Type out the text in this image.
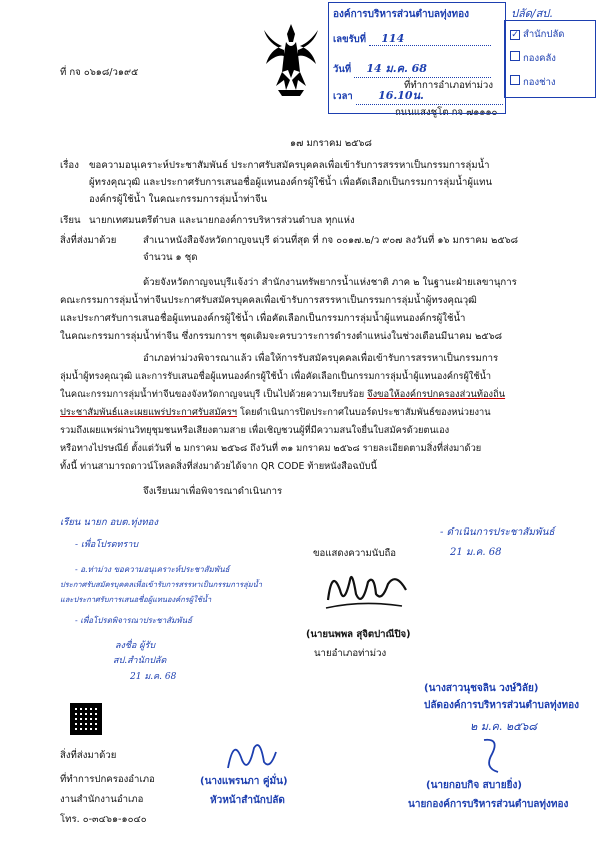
ที่ กจ ๐๖๑๘/ว๑๙๕
ที่ทำการอำเภอท่าม่วง
ถนนแสงชูโต กจ ๗๑๑๑๐
๑๗ มกราคม ๒๕๖๘
องค์การบริหารส่วนตำบลทุ่งทอง
เลขรับที่ 114
วันที่ 14 ม.ค. 68
เวลา 16.10น.
ปลัด/สป.
✓ สำนักปลัด
กองคลัง
กองช่าง
เรื่อง ขอความอนุเคราะห์ประชาสัมพันธ์ ประกาศรับสมัครบุคคลเพื่อเข้ารับการสรรหาเป็นกรรมการลุ่มน้ำ
ผู้ทรงคุณวุฒิ และประกาศรับการเสนอชื่อผู้แทนองค์กรผู้ใช้น้ำ เพื่อคัดเลือกเป็นกรรมการลุ่มน้ำผู้แทน
องค์กรผู้ใช้น้ำ ในคณะกรรมการลุ่มน้ำท่าจีน
เรียน นายกเทศมนตรีตำบล และนายกองค์การบริหารส่วนตำบล ทุกแห่ง
สิ่งที่ส่งมาด้วย	สำเนาหนังสือจังหวัดกาญจนบุรี ด่วนที่สุด ที่ กจ ๐๐๑๗.๒/ว ๙๐๗ ลงวันที่ ๑๖ มกราคม ๒๕๖๘
จำนวน ๑ ชุด
ด้วยจังหวัดกาญจนบุรีแจ้งว่า สำนักงานทรัพยากรน้ำแห่งชาติ ภาค ๒ ในฐานะฝ่ายเลขานุการ
คณะกรรมการลุ่มน้ำท่าจีนประกาศรับสมัครบุคคลเพื่อเข้ารับการสรรหาเป็นกรรมการลุ่มน้ำผู้ทรงคุณวุฒิ
และประกาศรับการเสนอชื่อผู้แทนองค์กรผู้ใช้น้ำ เพื่อคัดเลือกเป็นกรรมการลุ่มน้ำผู้แทนองค์กรผู้ใช้น้ำ
ในคณะกรรมการลุ่มน้ำท่าจีน ซึ่งกรรมการฯ ชุดเดิมจะครบวาระการดำรงตำแหน่งในช่วงเดือนมีนาคม ๒๕๖๘
อำเภอท่าม่วงพิจารณาแล้ว เพื่อให้การรับสมัครบุคคลเพื่อเข้ารับการสรรหาเป็นกรรมการ
ลุ่มน้ำผู้ทรงคุณวุฒิ และการรับเสนอชื่อผู้แทนองค์กรผู้ใช้น้ำ เพื่อคัดเลือกเป็นกรรมการลุ่มน้ำผู้แทนองค์กรผู้ใช้น้ำ
ในคณะกรรมการลุ่มน้ำท่าจีนของจังหวัดกาญจนบุรี เป็นไปด้วยความเรียบร้อย จึงขอให้องค์กรปกครองส่วนท้องถิ่น
ประชาสัมพันธ์และเผยแพร่ประกาศรับสมัครฯ โดยดำเนินการปิดประกาศในบอร์ดประชาสัมพันธ์ของหน่วยงาน
รวมถึงเผยแพร่ผ่านวิทยุชุมชนหรือเสียงตามสาย เพื่อเชิญชวนผู้ที่มีความสนใจยื่นใบสมัครด้วยตนเอง
หรือทางไปรษณีย์ ตั้งแต่วันที่ ๒ มกราคม ๒๕๖๘ ถึงวันที่ ๓๑ มกราคม ๒๕๖๘ รายละเอียดตามสิ่งที่ส่งมาด้วย
ทั้งนี้ ท่านสามารถดาวน์โหลดสิ่งที่ส่งมาด้วยได้จาก QR CODE ท้ายหนังสือฉบับนี้
จึงเรียนมาเพื่อพิจารณาดำเนินการ
ขอแสดงความนับถือ
(นายนพพล สุจิตปาณีปิจ)
นายอำเภอท่าม่วง
เรียน นายก อบต.ทุ่งทอง
- เพื่อโปรดทราบ
- อ.ท่าม่วง ขอความอนุเคราะห์ประชาสัมพันธ์
ประกาศรับสมัครบุคคลเพื่อเข้ารับการสรรหาเป็นกรรมการลุ่มน้ำ
และประกาศรับการเสนอชื่อผู้แทนองค์กรผู้ใช้น้ำ
- เพื่อโปรดพิจารณาประชาสัมพันธ์
ลงชื่อ ผู้รับ
สป.สำนักปลัด
21 ม.ค. 68
- ดำเนินการประชาสัมพันธ์
21 ม.ค. 68
(นางสาวนุชจลิน วงษ์วิลัย)
ปลัดองค์การบริหารส่วนตำบลทุ่งทอง
๒ ม.ค. ๒๕๖๘
สิ่งที่ส่งมาด้วย
ที่ทำการปกครองอำเภอ
งานสำนักงานอำเภอ
โทร. ๐-๓๔๖๑-๑๐๔๐
(นางแพรนภา คู่มั่น)
หัวหน้าสำนักปลัด
(นายกอบกิจ สบายยิ่ง)
นายกองค์การบริหารส่วนตำบลทุ่งทอง
